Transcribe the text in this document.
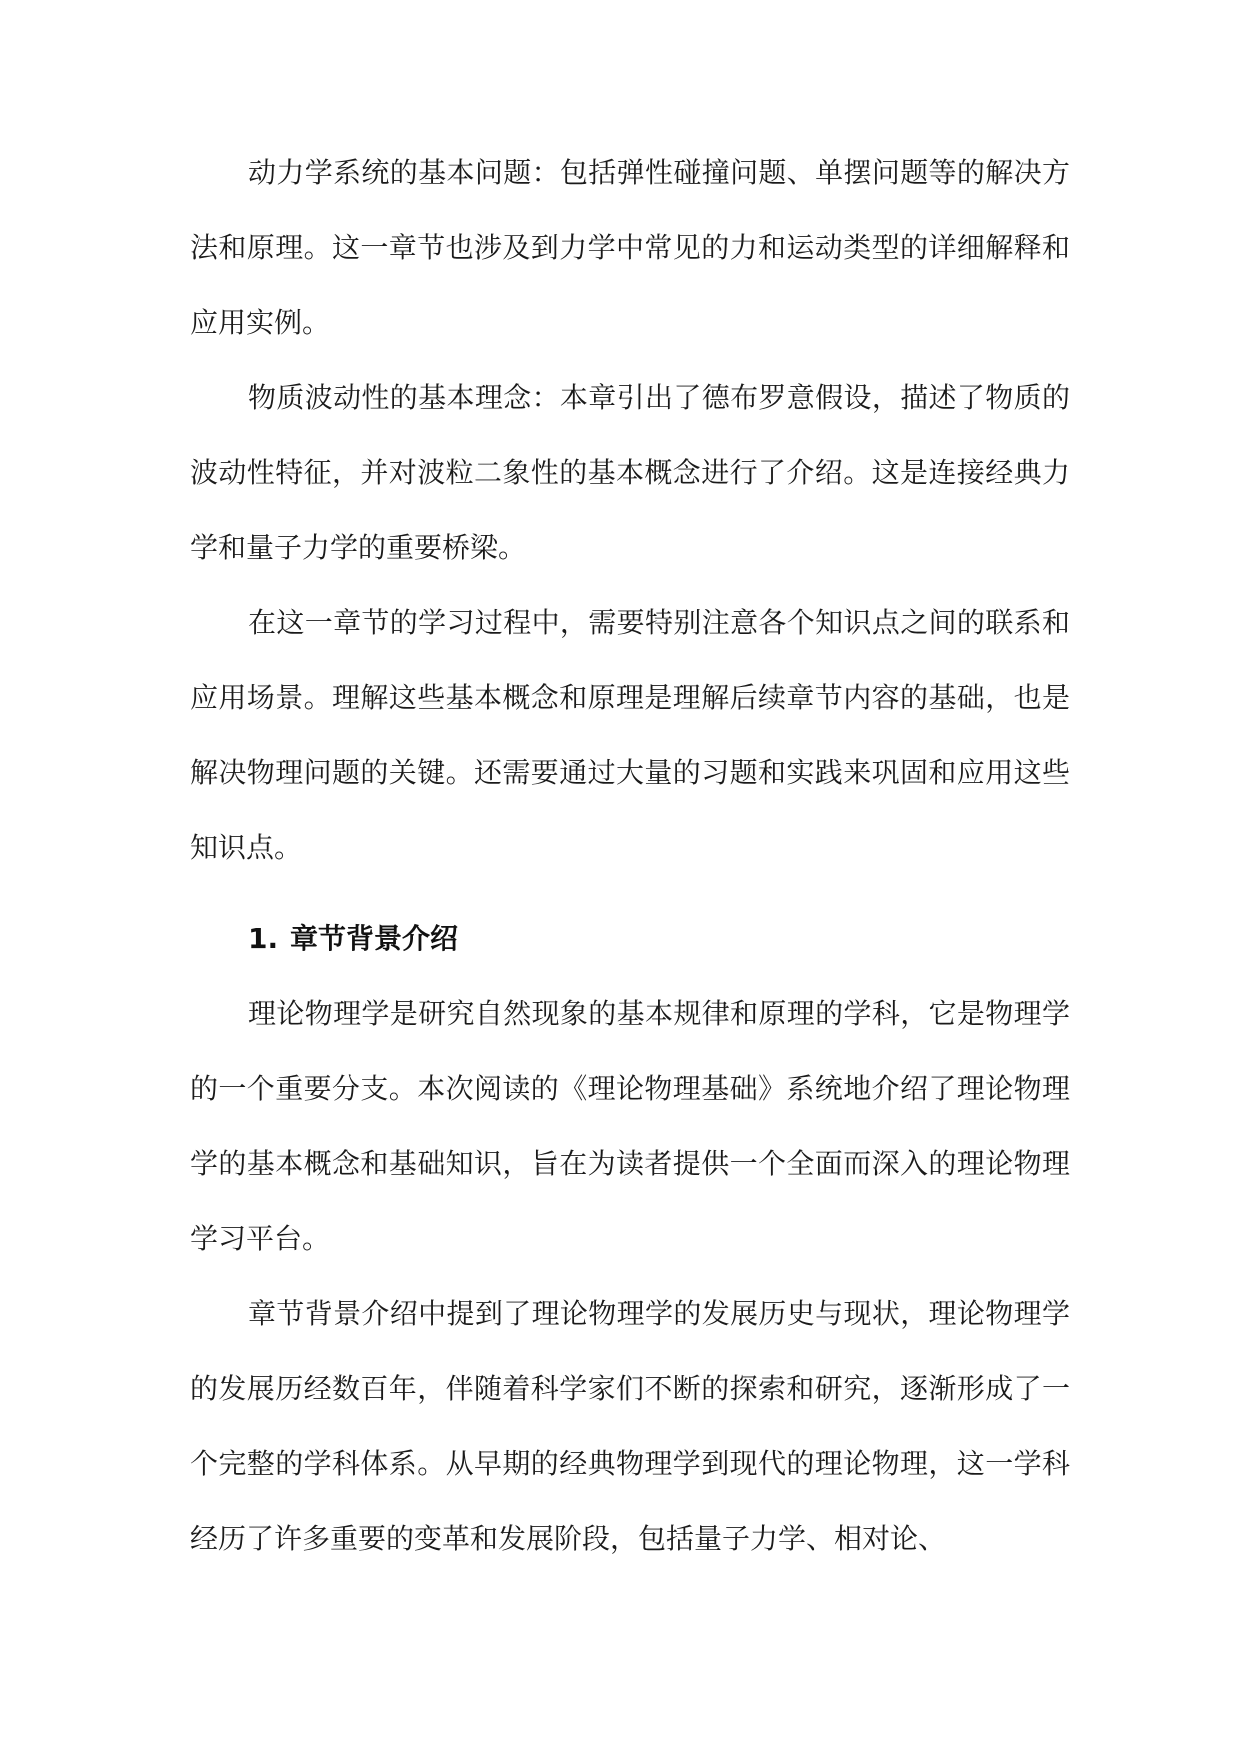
动力学系统的基本问题：包括弹性碰撞问题、单摆问题等的解决方法和原理。这一章节也涉及到力学中常见的力和运动类型的详细解释和应用实例。

物质波动性的基本理念：本章引出了德布罗意假设，描述了物质的波动性特征，并对波粒二象性的基本概念进行了介绍。这是连接经典力学和量子力学的重要桥梁。

在这一章节的学习过程中，需要特别注意各个知识点之间的联系和应用场景。理解这些基本概念和原理是理解后续章节内容的基础，也是解决物理问题的关键。还需要通过大量的习题和实践来巩固和应用这些知识点。

1. 章节背景介绍

理论物理学是研究自然现象的基本规律和原理的学科，它是物理学的一个重要分支。本次阅读的《理论物理基础》系统地介绍了理论物理学的基本概念和基础知识，旨在为读者提供一个全面而深入的理论物理学习平台。

章节背景介绍中提到了理论物理学的发展历史与现状，理论物理学的发展历经数百年，伴随着科学家们不断的探索和研究，逐渐形成了一个完整的学科体系。从早期的经典物理学到现代的理论物理，这一学科经历了许多重要的变革和发展阶段，包括量子力学、相对论、
